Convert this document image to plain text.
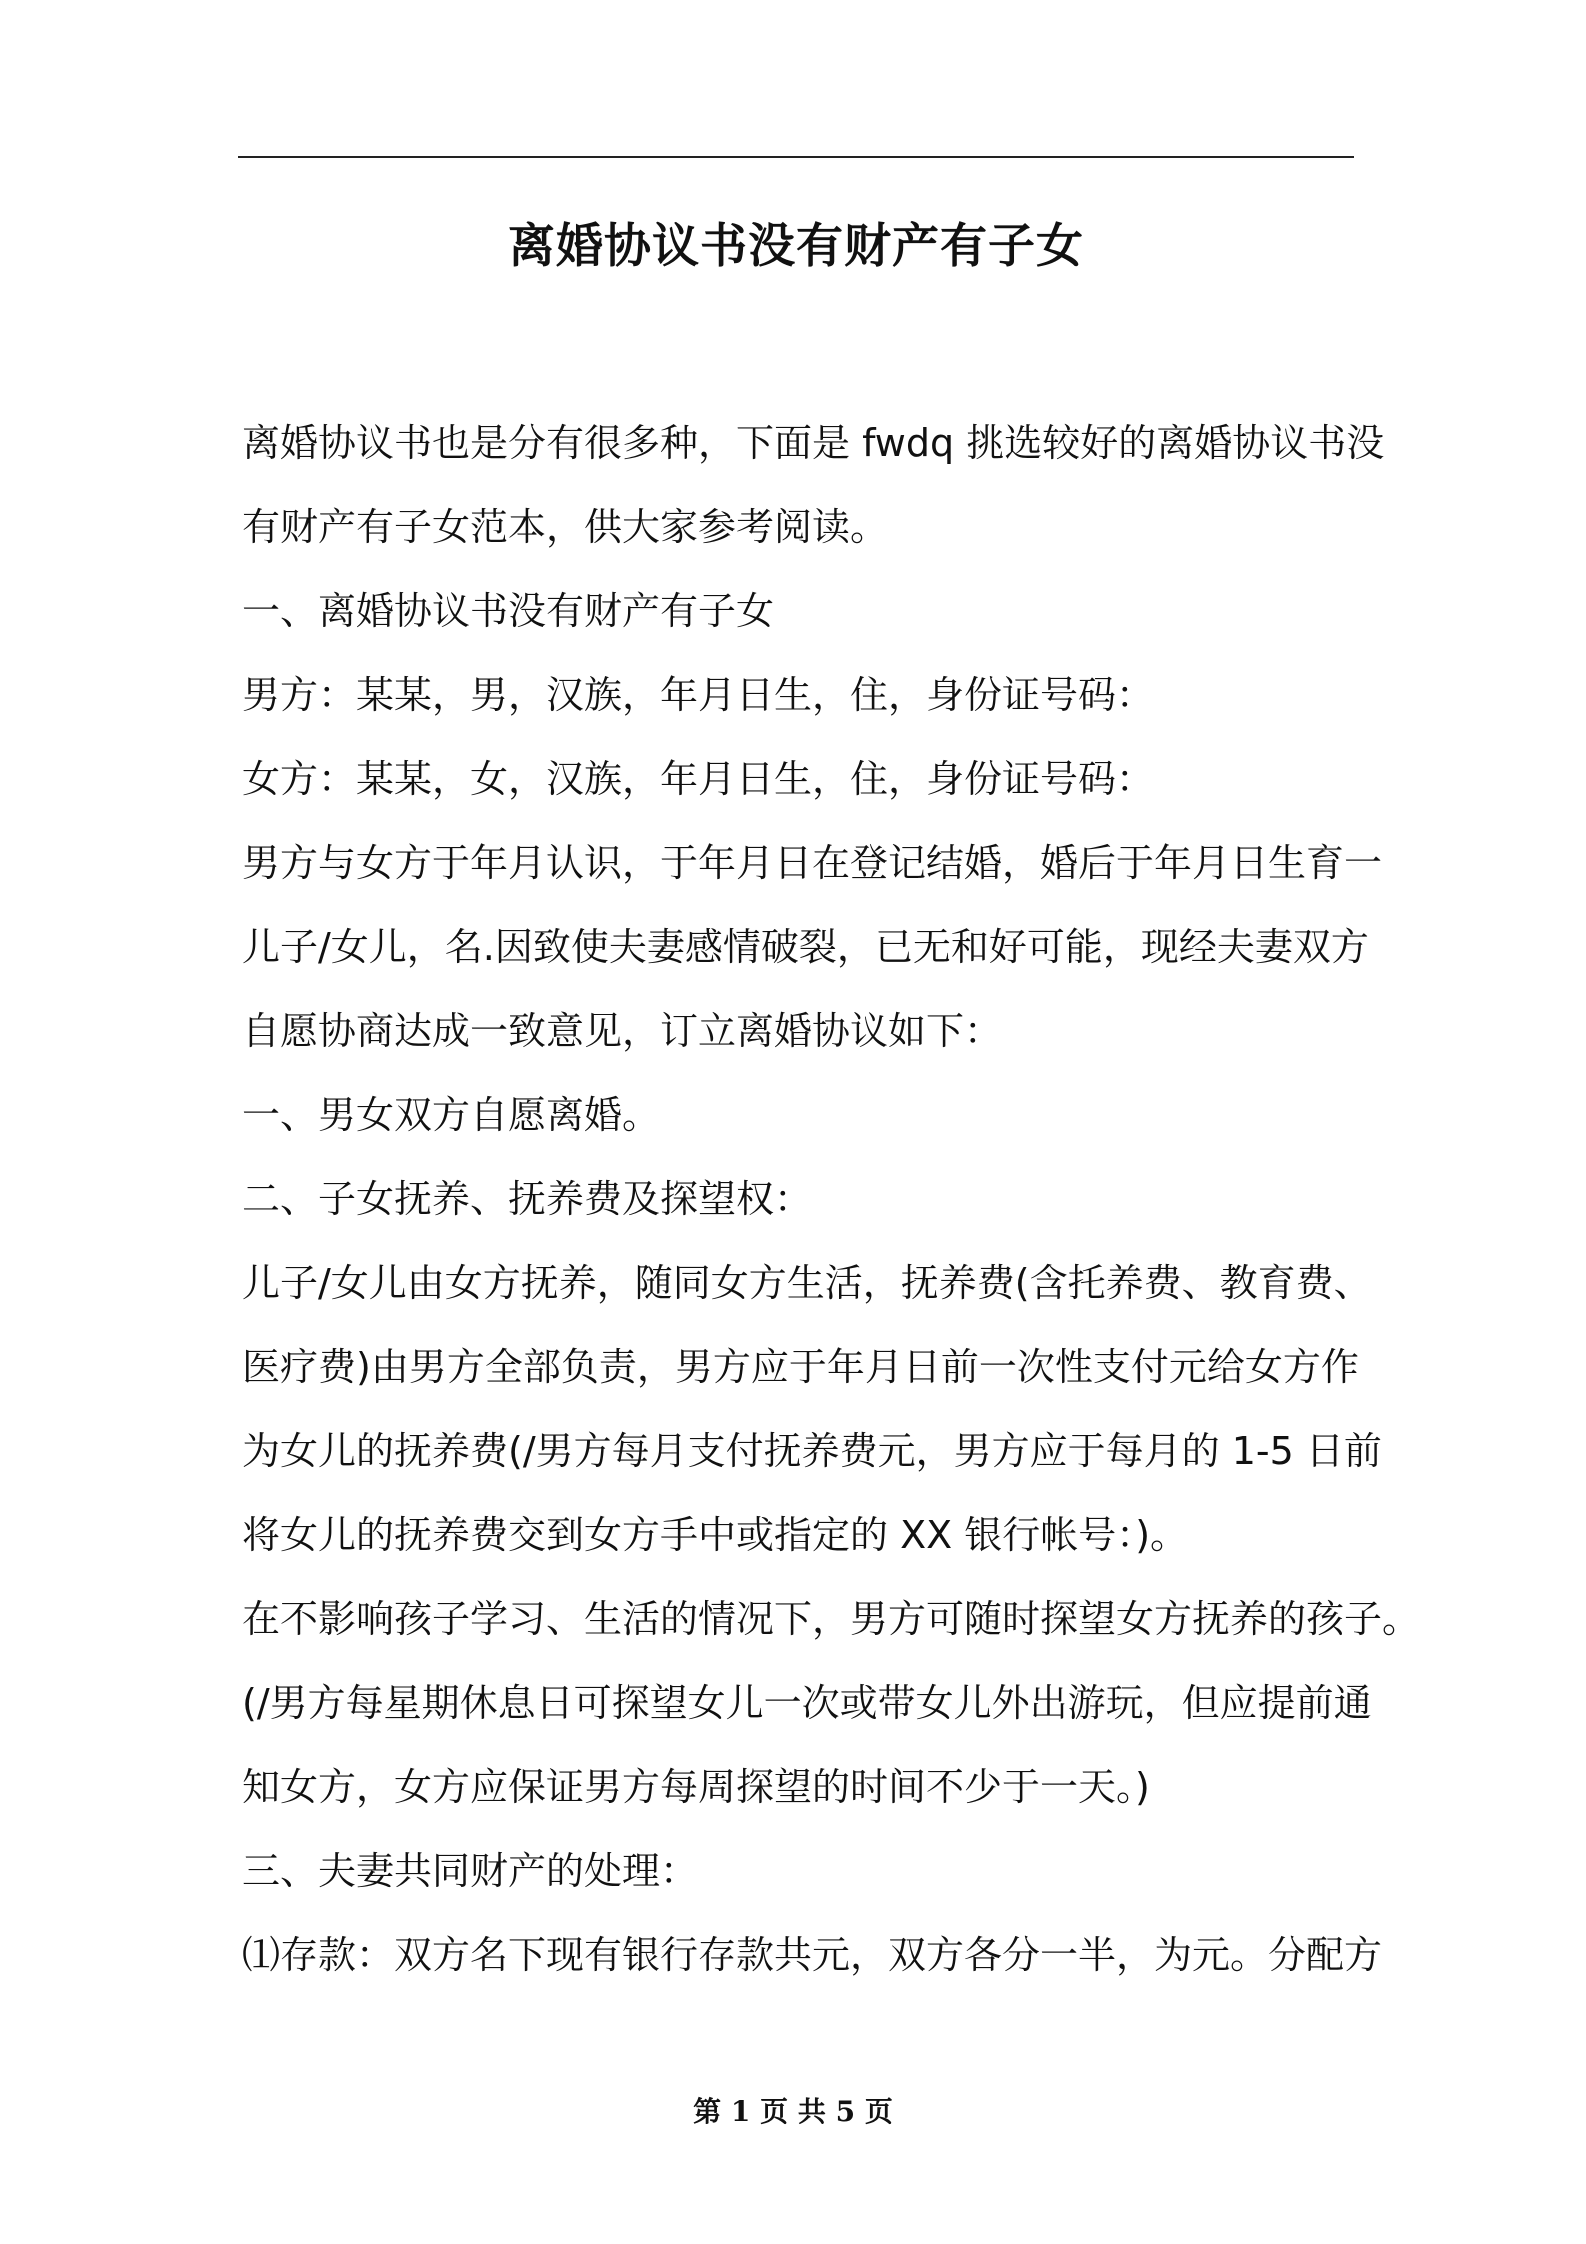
离婚协议书没有财产有子女
离婚协议书也是分有很多种，下面是 fwdq 挑选较好的离婚协议书没
有财产有子女范本，供大家参考阅读。
一、离婚协议书没有财产有子女
男方：某某，男，汉族，年月日生，住，身份证号码：
女方：某某，女，汉族，年月日生，住，身份证号码：
男方与女方于年月认识，于年月日在登记结婚，婚后于年月日生育一
儿子/女儿，名.因致使夫妻感情破裂，已无和好可能，现经夫妻双方
自愿协商达成一致意见，订立离婚协议如下：
一、男女双方自愿离婚。
二、子女抚养、抚养费及探望权：
儿子/女儿由女方抚养，随同女方生活，抚养费(含托养费、教育费、
医疗费)由男方全部负责，男方应于年月日前一次性支付元给女方作
为女儿的抚养费(/男方每月支付抚养费元，男方应于每月的 1-5 日前
将女儿的抚养费交到女方手中或指定的 XX 银行帐号：)。
在不影响孩子学习、生活的情况下，男方可随时探望女方抚养的孩子。
(/男方每星期休息日可探望女儿一次或带女儿外出游玩，但应提前通
知女方，女方应保证男方每周探望的时间不少于一天。)
三、夫妻共同财产的处理：
⑴存款：双方名下现有银行存款共元，双方各分一半，为元。分配方
第 1 页 共 5 页
